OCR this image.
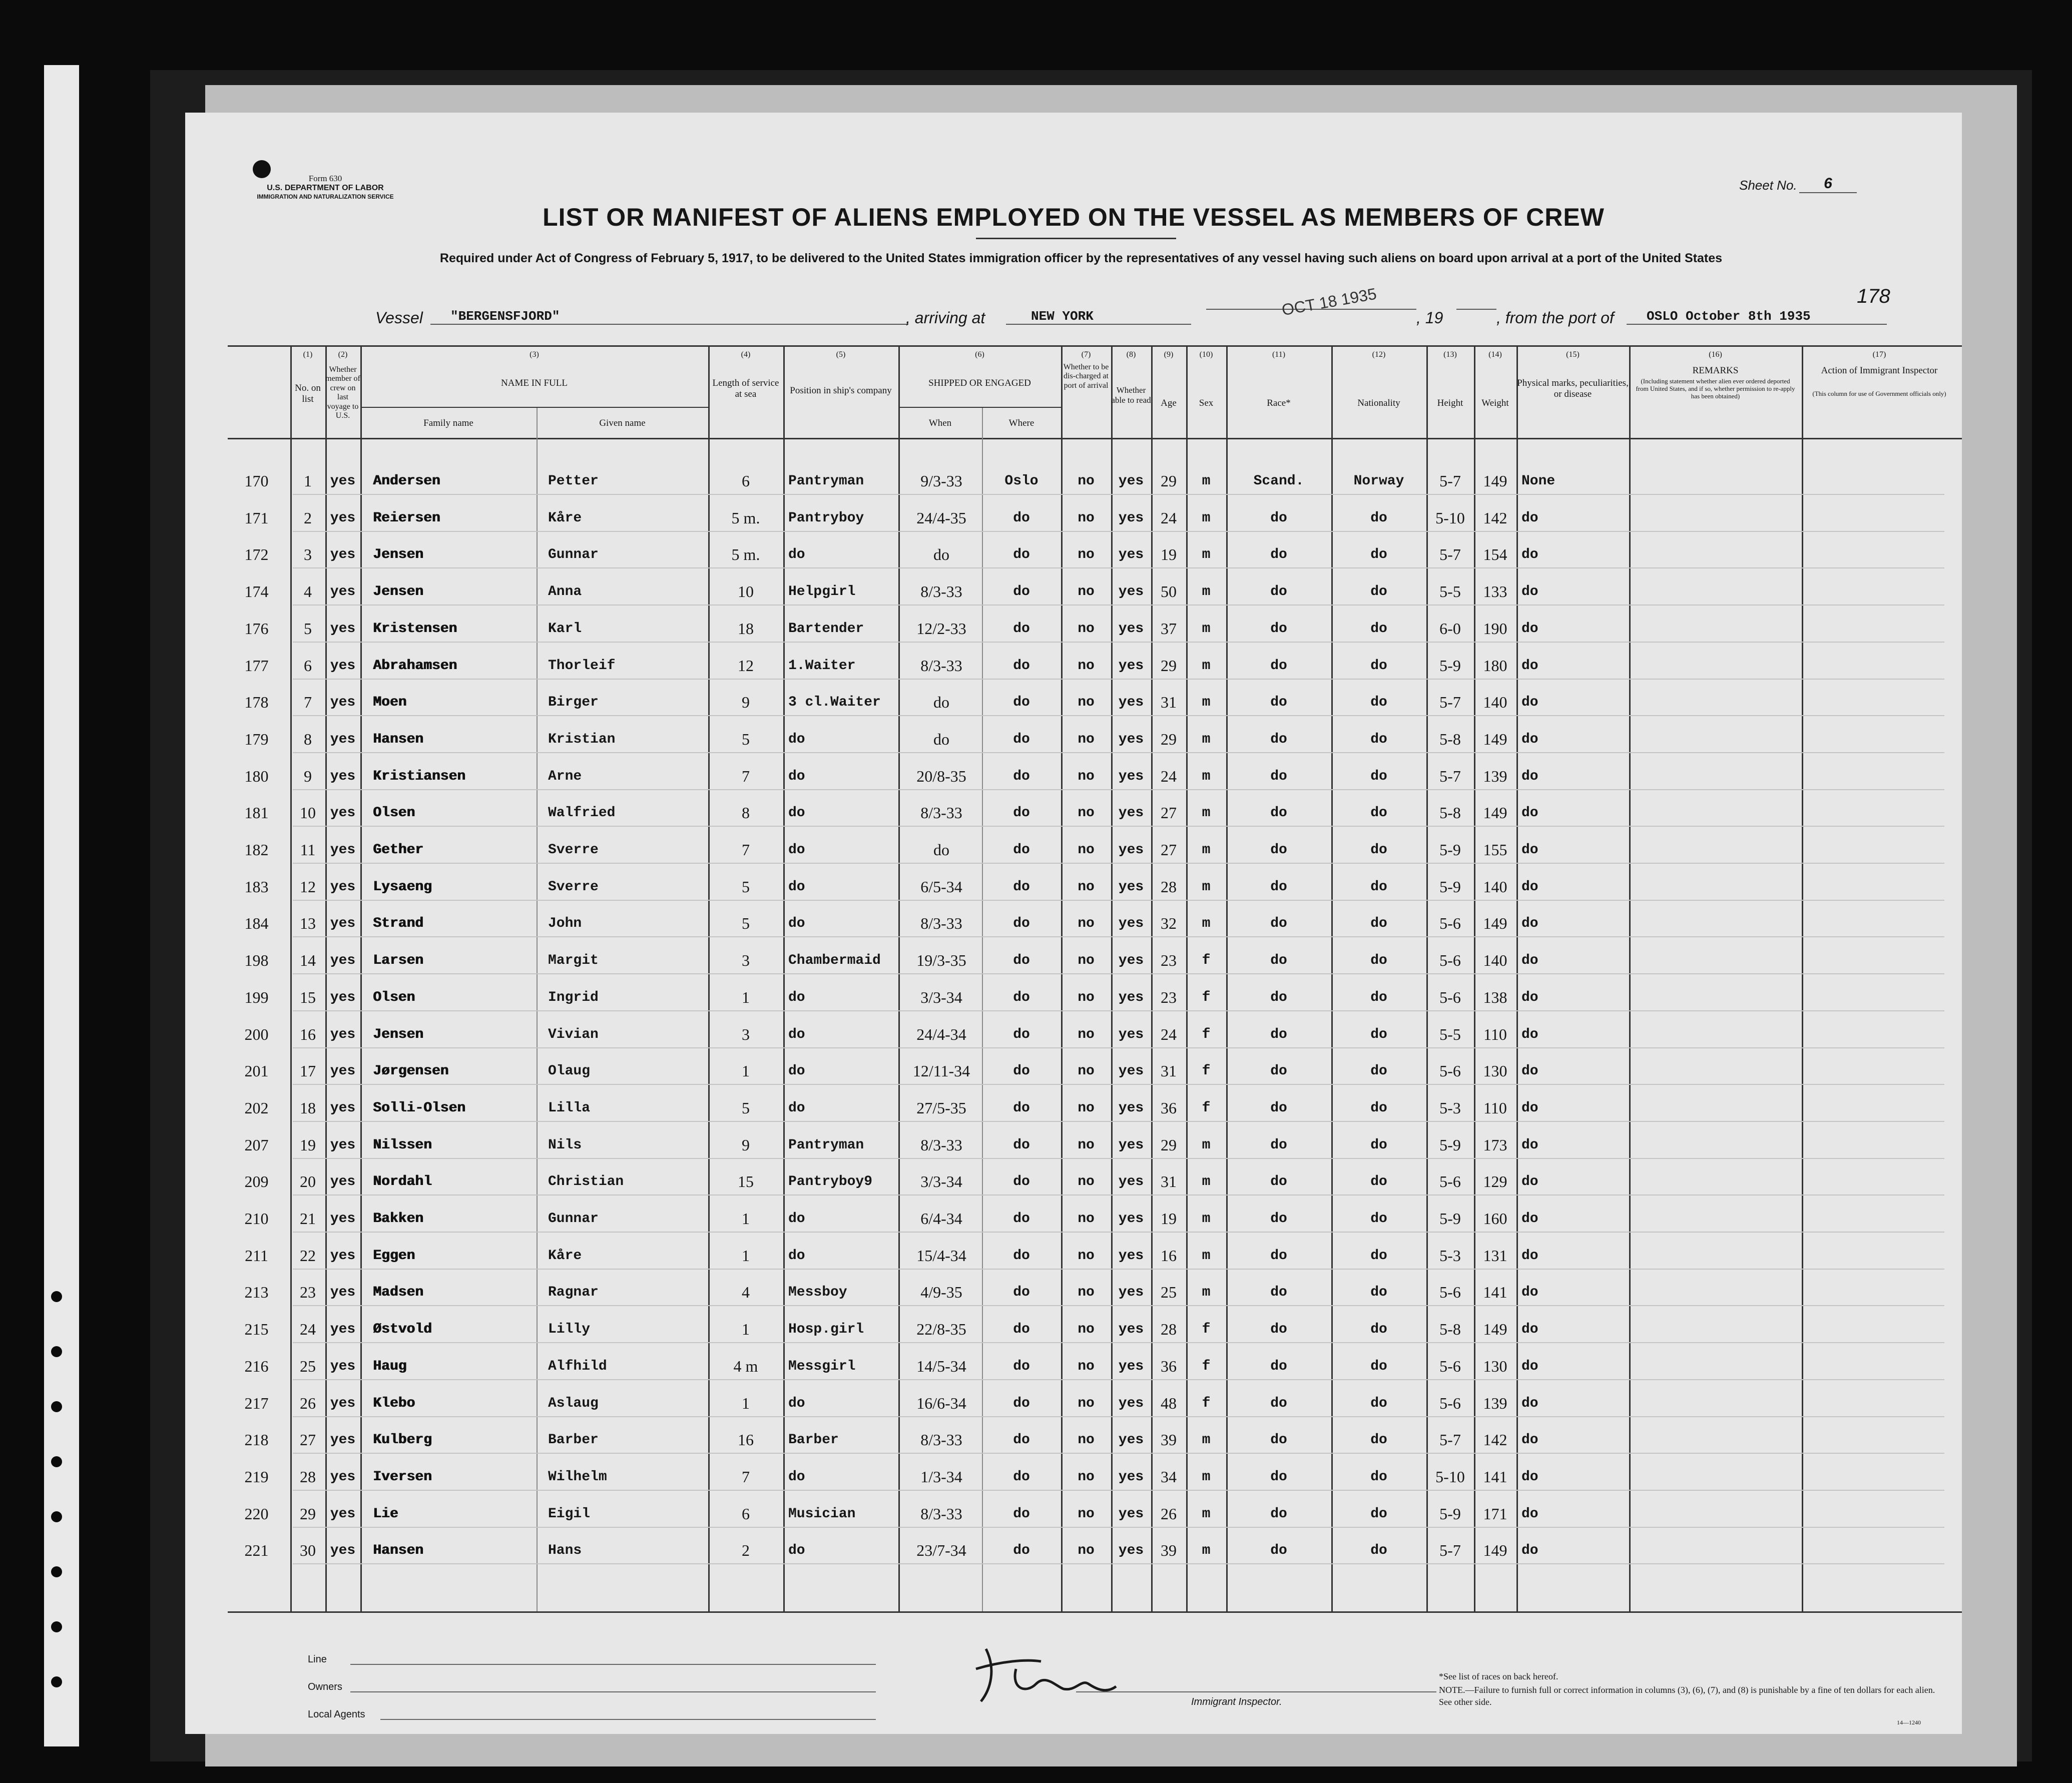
Form 630
U.S. DEPARTMENT OF LABOR
IMMIGRATION AND NATURALIZATION SERVICE
Sheet No.	6
LIST OR MANIFEST OF ALIENS EMPLOYED ON THE VESSEL AS MEMBERS OF CREW
Required under Act of Congress of February 5, 1917, to be delivered to the United States immigration officer by the representatives of any vessel having such aliens on board upon arrival at a port of the United States
178
Vessel	"BERGENSFJORD"	, arriving at	NEW YORK	OCT 18 1935 , 19	, from the port of	OSLO October 8th 1935
(1)
No. on list
(2)
Whether member of crew on last voyage to U.S.
(3)
NAME IN FULL
Family name	Given name
(4)
Length of service at sea
(5)
Position in ship's company
(6)
SHIPPED OR ENGAGED
When	Where
(7)
Whether to be dis-charged at port of arrival
(8)
Whether able to read
(9)
Age
(10)
Sex
(11)
Race*
(12)
Nationality
(13)
Height
(14)
Weight
(15)
Physical marks, peculiarities, or disease
(16)
REMARKS
(Including statement whether alien ever ordered deported from United States, and if so, whether permission to re-apply has been obtained)
(17)
Action of Immigrant Inspector
(This column for use of Government officials only)
170	1	yes	Andersen	Petter	6	Pantryman	9/3-33	Oslo	no	yes	29	m	Scand.	Norway	5-7	149	None
171	2	yes	Reiersen	Kåre	5 m.	Pantryboy	24/4-35	do	no	yes	24	m	do	do	5-10	142	do
172	3	yes	Jensen	Gunnar	5 m.	do	do	do	no	yes	19	m	do	do	5-7	154	do
174	4	yes	Jensen	Anna	10	Helpgirl	8/3-33	do	no	yes	50	m	do	do	5-5	133	do
176	5	yes	Kristensen	Karl	18	Bartender	12/2-33	do	no	yes	37	m	do	do	6-0	190	do
177	6	yes	Abrahamsen	Thorleif	12	1.Waiter	8/3-33	do	no	yes	29	m	do	do	5-9	180	do
178	7	yes	Moen	Birger	9	3 cl.Waiter	do	do	no	yes	31	m	do	do	5-7	140	do
179	8	yes	Hansen	Kristian	5	do	do	do	no	yes	29	m	do	do	5-8	149	do
180	9	yes	Kristiansen	Arne	7	do	20/8-35	do	no	yes	24	m	do	do	5-7	139	do
181	10	yes	Olsen	Walfried	8	do	8/3-33	do	no	yes	27	m	do	do	5-8	149	do
182	11	yes	Gether	Sverre	7	do	do	do	no	yes	27	m	do	do	5-9	155	do
183	12	yes	Lysaeng	Sverre	5	do	6/5-34	do	no	yes	28	m	do	do	5-9	140	do
184	13	yes	Strand	John	5	do	8/3-33	do	no	yes	32	m	do	do	5-6	149	do
198	14	yes	Larsen	Margit	3	Chambermaid	19/3-35	do	no	yes	23	f	do	do	5-6	140	do
199	15	yes	Olsen	Ingrid	1	do	3/3-34	do	no	yes	23	f	do	do	5-6	138	do
200	16	yes	Jensen	Vivian	3	do	24/4-34	do	no	yes	24	f	do	do	5-5	110	do
201	17	yes	Jørgensen	Olaug	1	do	12/11-34	do	no	yes	31	f	do	do	5-6	130	do
202	18	yes	Solli-Olsen	Lilla	5	do	27/5-35	do	no	yes	36	f	do	do	5-3	110	do
207	19	yes	Nilssen	Nils	9	Pantryman	8/3-33	do	no	yes	29	m	do	do	5-9	173	do
209	20	yes	Nordahl	Christian	15	Pantryboy9	3/3-34	do	no	yes	31	m	do	do	5-6	129	do
210	21	yes	Bakken	Gunnar	1	do	6/4-34	do	no	yes	19	m	do	do	5-9	160	do
211	22	yes	Eggen	Kåre	1	do	15/4-34	do	no	yes	16	m	do	do	5-3	131	do
213	23	yes	Madsen	Ragnar	4	Messboy	4/9-35	do	no	yes	25	m	do	do	5-6	141	do
215	24	yes	Østvold	Lilly	1	Hosp.girl	22/8-35	do	no	yes	28	f	do	do	5-8	149	do
216	25	yes	Haug	Alfhild	4 m	Messgirl	14/5-34	do	no	yes	36	f	do	do	5-6	130	do
217	26	yes	Klebo	Aslaug	1	do	16/6-34	do	no	yes	48	f	do	do	5-6	139	do
218	27	yes	Kulberg	Barber	16	Barber	8/3-33	do	no	yes	39	m	do	do	5-7	142	do
219	28	yes	Iversen	Wilhelm	7	do	1/3-34	do	no	yes	34	m	do	do	5-10	141	do
220	29	yes	Lie	Eigil	6	Musician	8/3-33	do	no	yes	26	m	do	do	5-9	171	do
221	30	yes	Hansen	Hans	2	do	23/7-34	do	no	yes	39	m	do	do	5-7	149	do
Line
Owners
Local Agents
Immigrant Inspector.
*See list of races on back hereof.
NOTE.—Failure to furnish full or correct information in columns (3), (6), (7), and (8) is punishable by a fine of ten dollars for each alien. See other side.
14—1240
